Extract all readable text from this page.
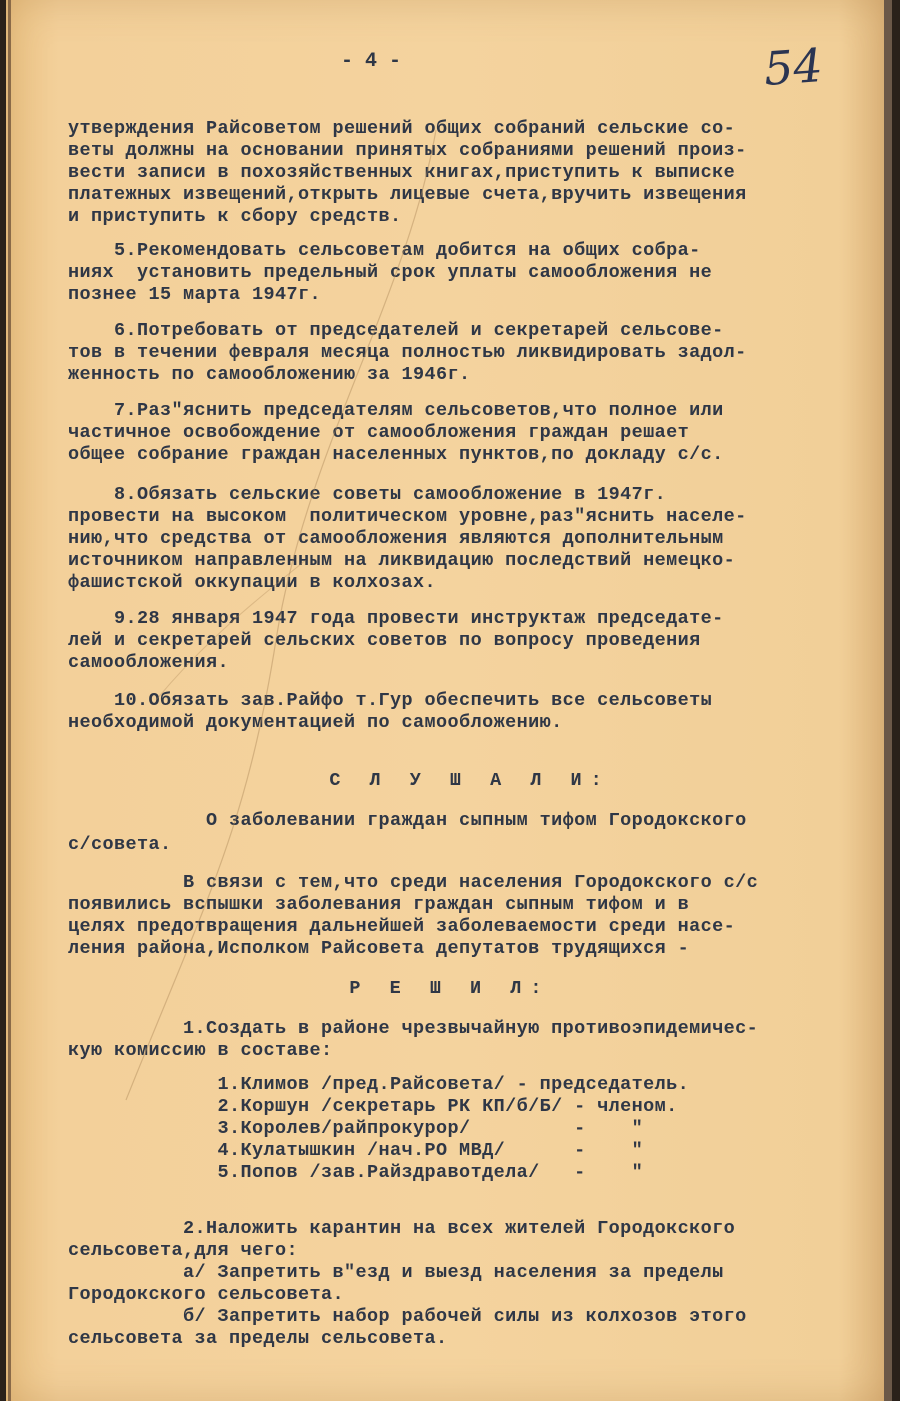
- 4 -	54
утверждения Райсоветом решений общих собраний сельские со-
веты должны на основании принятых собраниями решений произ-
вести записи в похозяйственных книгах,приступить к выписке
платежных извещений,открыть лицевые счета,вручить извещения
и приступить к сбору средств.
5.Рекомендовать сельсоветам добится на общих собра-
ниях  установить предельный срок уплаты самообложения не
познее 15 марта 1947г.
6.Потребовать от председателей и секретарей сельсове-
тов в течении февраля месяца полностью ликвидировать задол-
женность по самообложению за 1946г.
7.Раз"яснить председателям сельсоветов,что полное или
частичное освобождение от самообложения граждан решает
общее собрание граждан населенных пунктов,по докладу с/с.
8.Обязать сельские советы самообложение в 1947г.
провести на высоком  политическом уровне,раз"яснить населе-
нию,что средства от самообложения являются дополнительным
источником направленным на ликвидацию последствий немецко-
фашистской оккупации в колхозах.
9.28 января 1947 года провести инструктаж председате-
лей и секретарей сельских советов по вопросу проведения
самообложения.
10.Обязать зав.Райфо т.Гур обеспечить все сельсоветы
необходимой документацией по самообложению.
С Л У Ш А Л И:
О заболевании граждан сыпным тифом Городокского
с/совета.
В связи с тем,что среди населения Городокского с/с
появились вспышки заболевания граждан сыпным тифом и в
целях предотвращения дальнейшей заболеваемости среди насе-
ления района,Исполком Райсовета депутатов трудящихся -
Р Е Ш И Л:
1.Создать в районе чрезвычайную противоэпидемичес-
кую комиссию в составе:
1.Климов /пред.Райсовета/ - председатель.
2.Коршун /секретарь РК КП/б/Б/ - членом.
3.Королев/райпрокурор/         -    "
4.Кулатышкин /нач.РО МВД/      -    "
5.Попов /зав.Райздравотдела/   -    "
2.Наложить карантин на всех жителей Городокского
сельсовета,для чего:
а/ Запретить в"езд и выезд населения за пределы
Городокского сельсовета.
б/ Запретить набор рабочей силы из колхозов этого
сельсовета за пределы сельсовета.
